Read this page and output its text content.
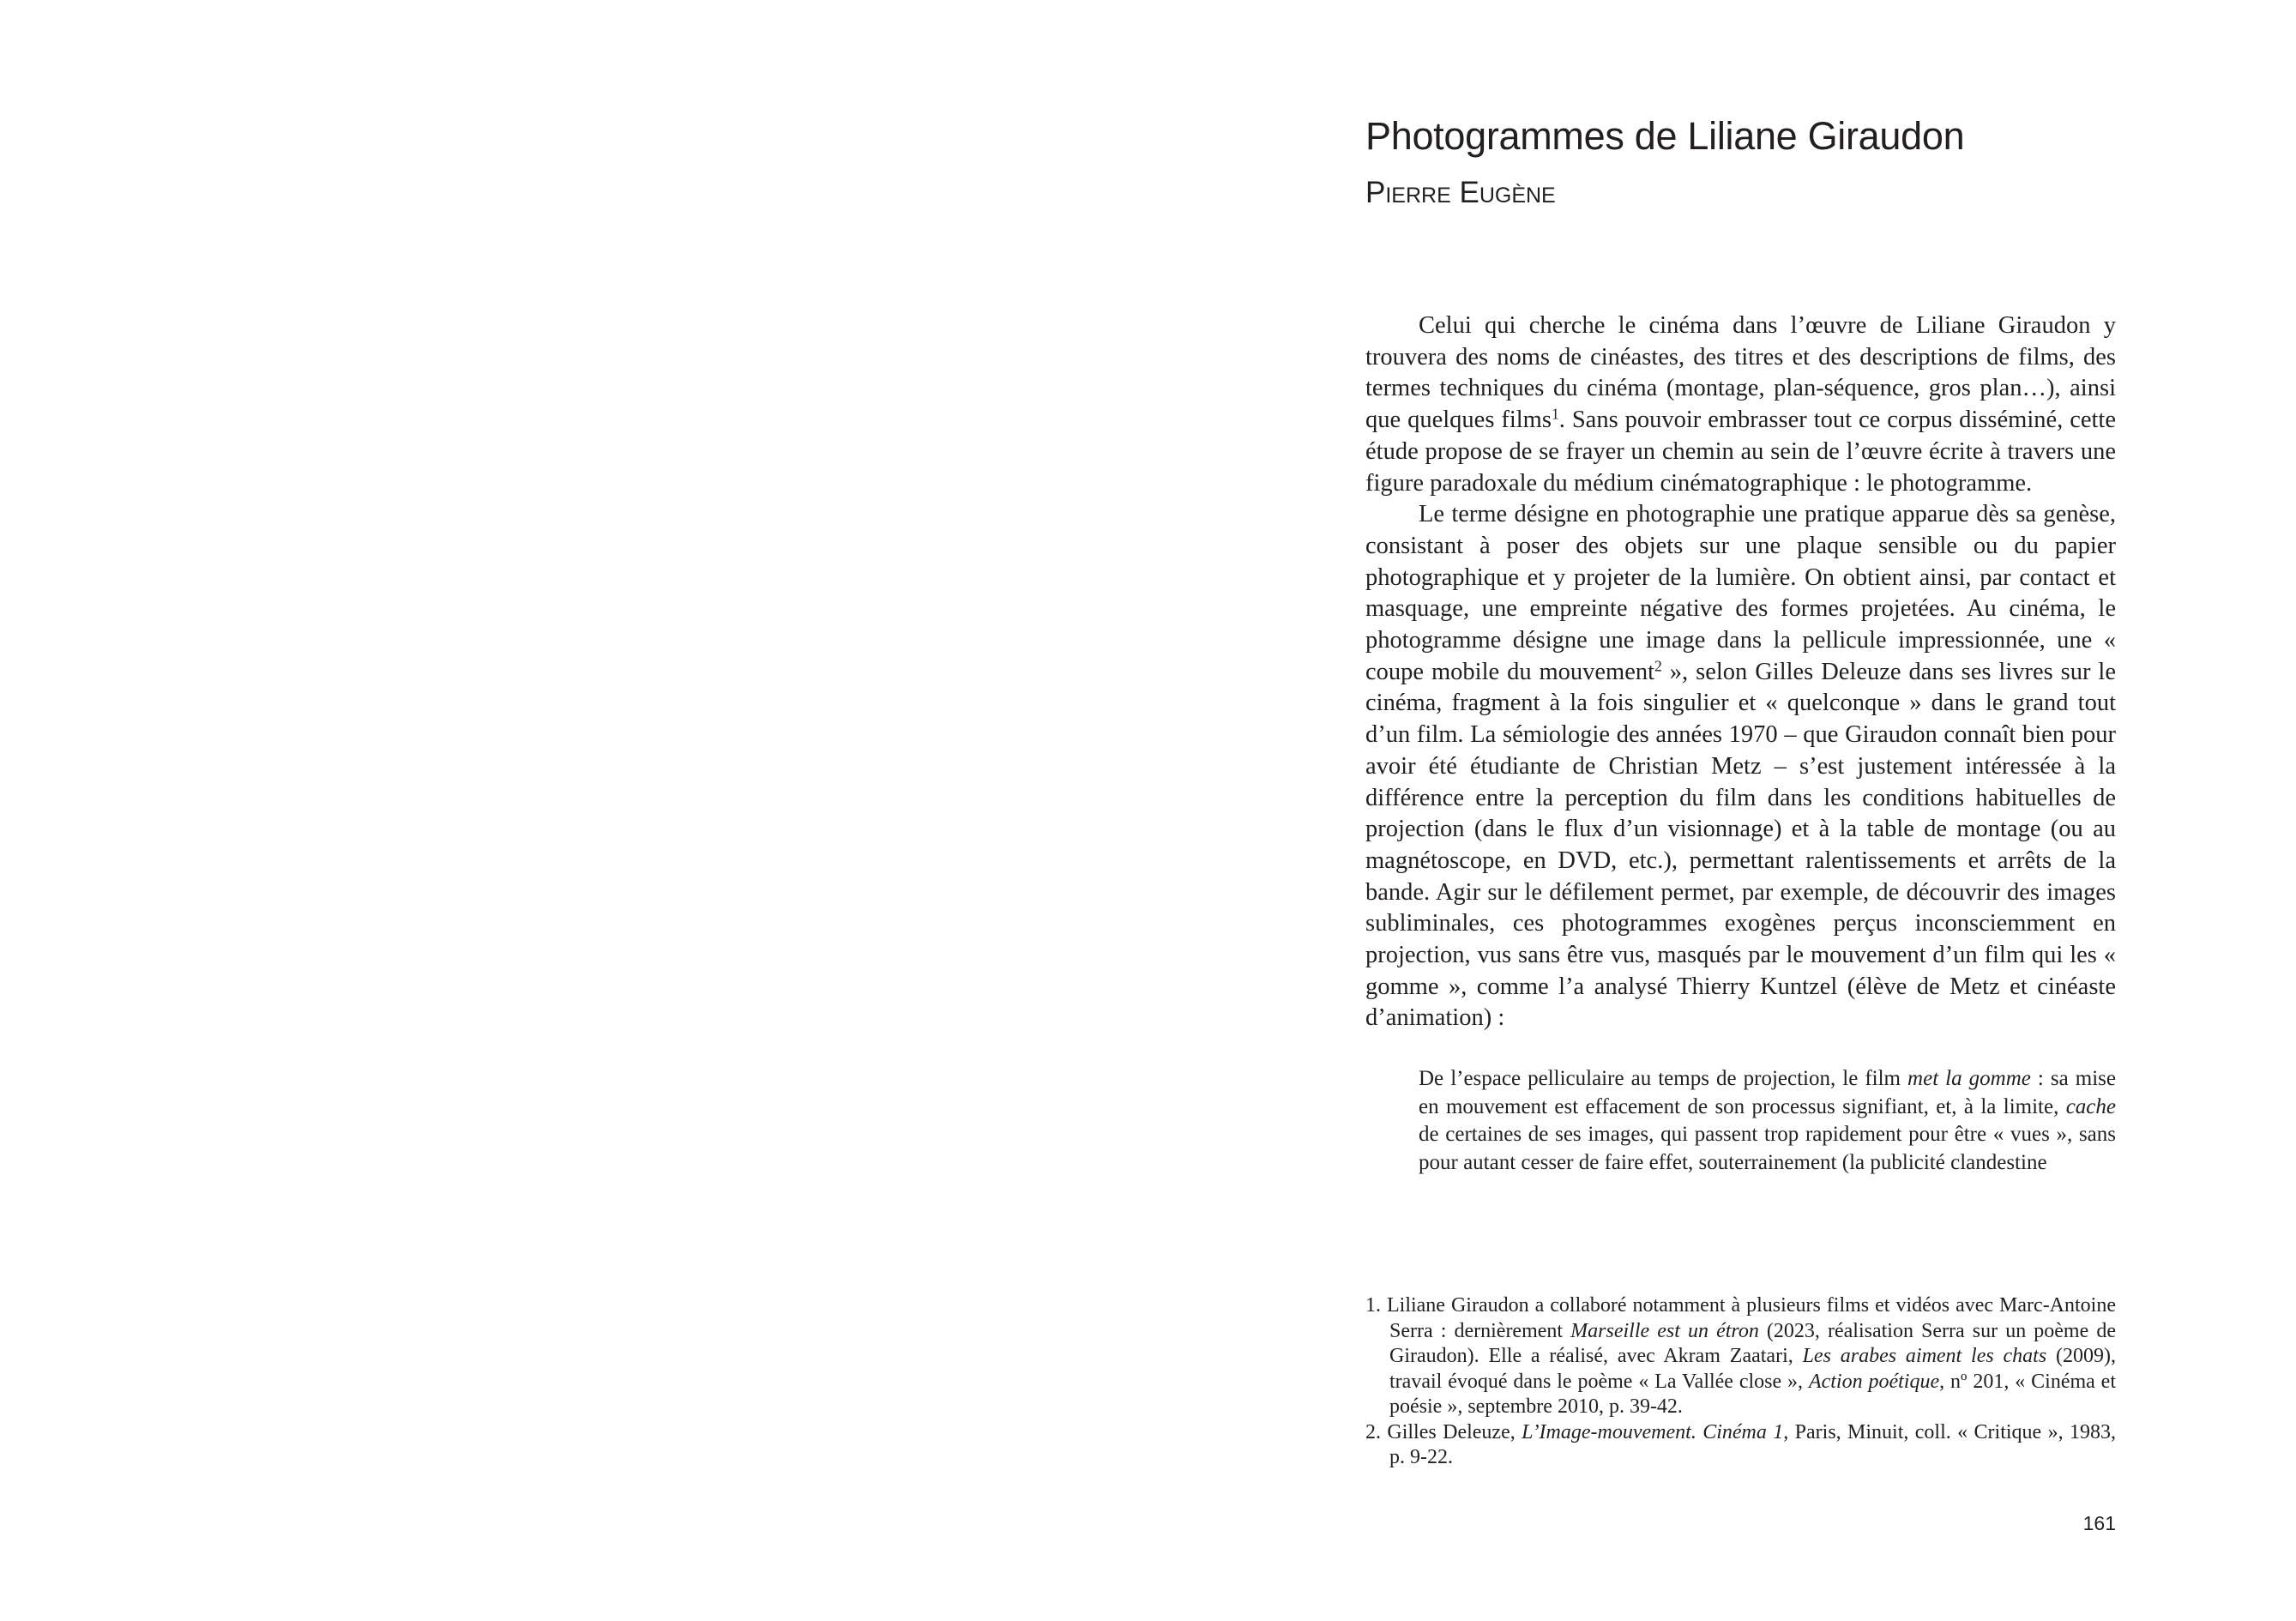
Photogrammes de Liliane Giraudon
Pierre Eugène

Celui qui cherche le cinéma dans l’œuvre de Liliane Giraudon y trouvera des noms de cinéastes, des titres et des descriptions de films, des termes techniques du cinéma (montage, plan-séquence, gros plan…), ainsi que quelques films$^1$. Sans pouvoir embrasser tout ce corpus disséminé, cette étude propose de se frayer un chemin au sein de l’œuvre écrite à travers une figure paradoxale du médium cinématographique : le photogramme.

Le terme désigne en photographie une pratique apparue dès sa genèse, consistant à poser des objets sur une plaque sensible ou du papier photographique et y projeter de la lumière. On obtient ainsi, par contact et masquage, une empreinte négative des formes projetées. Au cinéma, le photogramme désigne une image dans la pellicule impressionnée, une « coupe mobile du mouvement$^2$ », selon Gilles Deleuze dans ses livres sur le cinéma, fragment à la fois singulier et « quelconque » dans le grand tout d’un film. La sémiologie des années 1970 – que Giraudon connaît bien pour avoir été étudiante de Christian Metz – s’est justement intéressée à la différence entre la perception du film dans les conditions habituelles de projection (dans le flux d’un visionnage) et à la table de montage (ou au magnétoscope, en DVD, etc.), permettant ralentissements et arrêts de la bande. Agir sur le défilement permet, par exemple, de découvrir des images subliminales, ces photogrammes exogènes perçus inconsciemment en projection, vus sans être vus, masqués par le mouvement d’un film qui les « gomme », comme l’a analysé Thierry Kuntzel (élève de Metz et cinéaste d’animation) :

De l’espace pelliculaire au temps de projection, le film met la gomme : sa mise en mouvement est effacement de son processus signifiant, et, à la limite, cache de certaines de ses images, qui passent trop rapidement pour être « vues », sans pour autant cesser de faire effet, souterrainement (la publicité clandestine

1. Liliane Giraudon a collaboré notamment à plusieurs films et vidéos avec Marc-Antoine Serra : dernièrement Marseille est un étron (2023, réalisation Serra sur un poème de Giraudon). Elle a réalisé, avec Akram Zaatari, Les arabes aiment les chats (2009), travail évoqué dans le poème « La Vallée close », Action poétique, nº 201, « Cinéma et poésie », septembre 2010, p. 39-42.

2. Gilles Deleuze, L’Image-mouvement. Cinéma 1, Paris, Minuit, coll. « Critique », 1983, p. 9-22.

161
